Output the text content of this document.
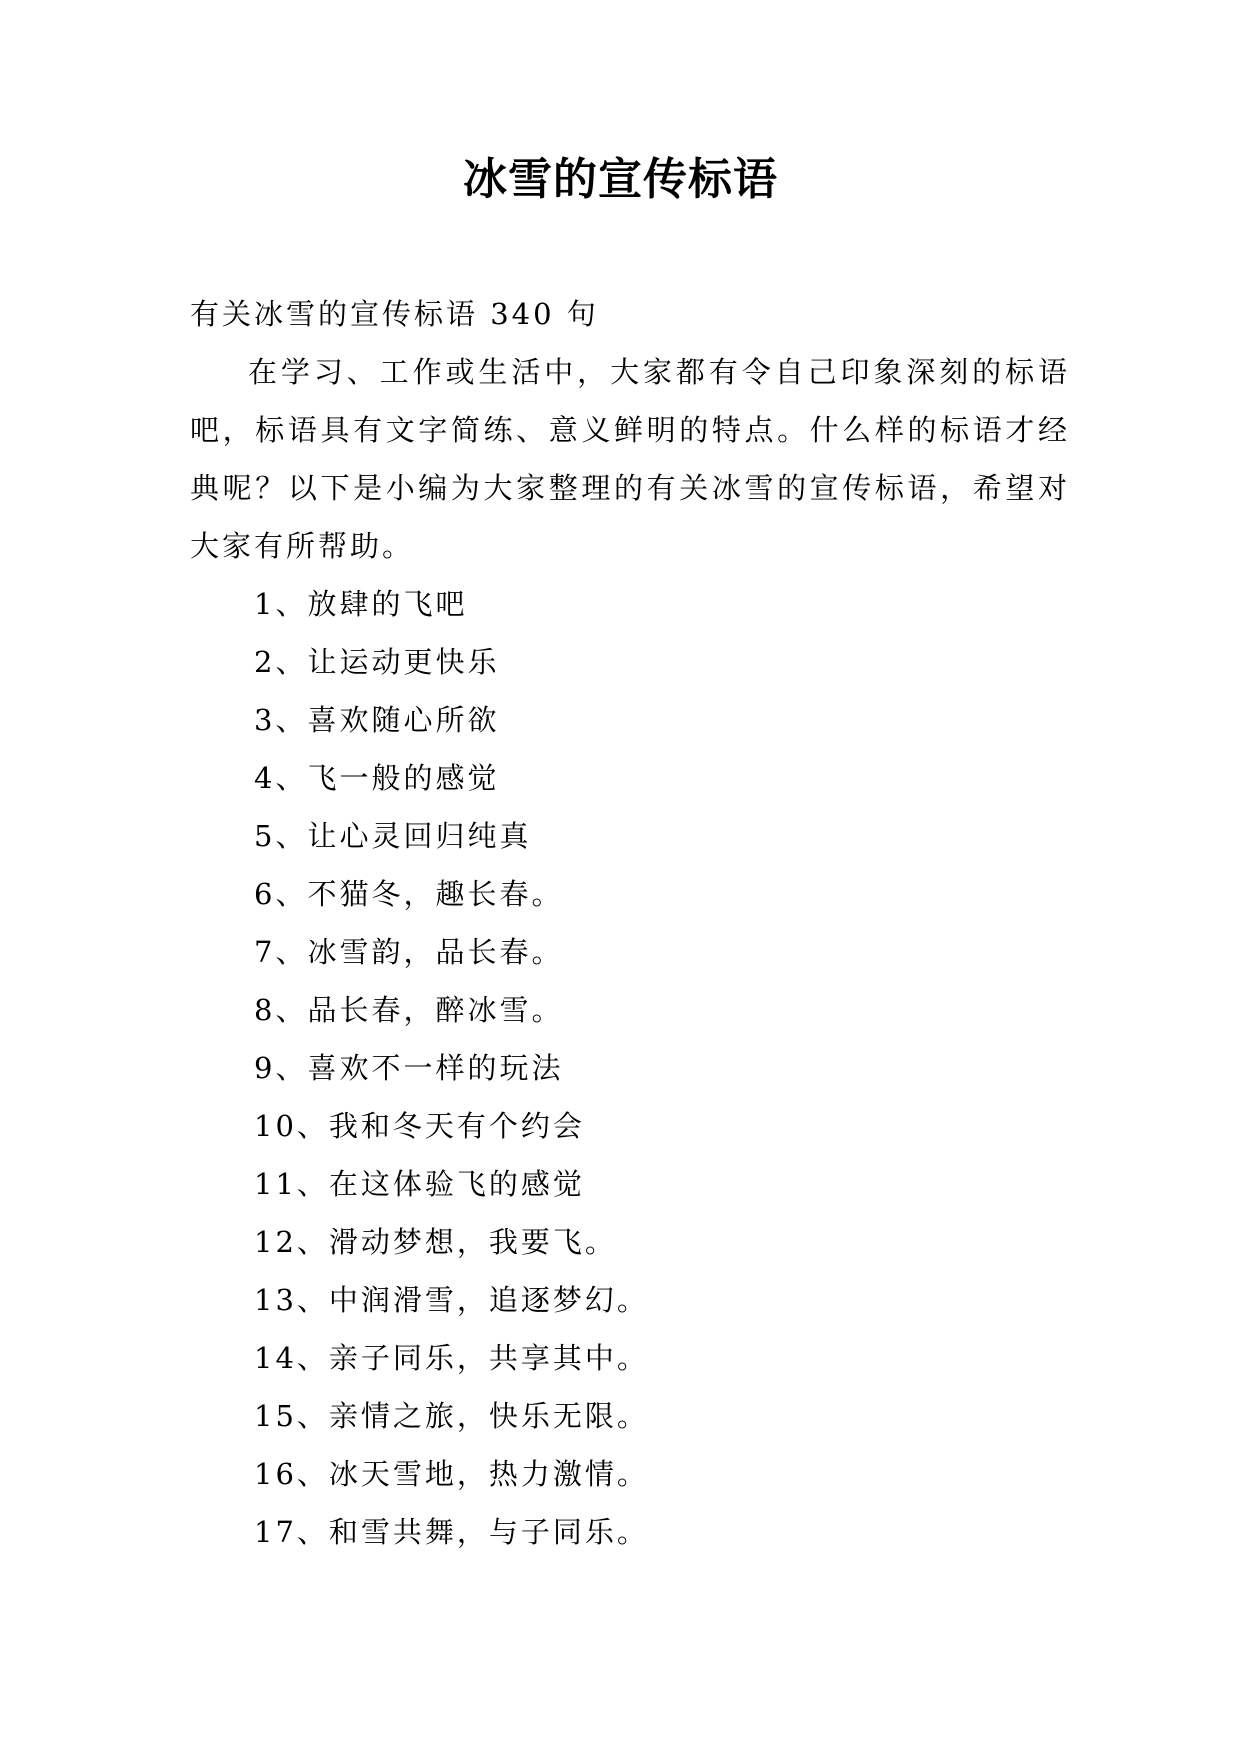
冰雪的宣传标语

有关冰雪的宣传标语 340 句

在学习、工作或生活中，大家都有令自己印象深刻的标语吧，标语具有文字简练、意义鲜明的特点。什么样的标语才经典呢？以下是小编为大家整理的有关冰雪的宣传标语，希望对大家有所帮助。

1、放肆的飞吧
2、让运动更快乐
3、喜欢随心所欲
4、飞一般的感觉
5、让心灵回归纯真
6、不猫冬，趣长春。
7、冰雪韵，品长春。
8、品长春，醉冰雪。
9、喜欢不一样的玩法
10、我和冬天有个约会
11、在这体验飞的感觉
12、滑动梦想，我要飞。
13、中润滑雪，追逐梦幻。
14、亲子同乐，共享其中。
15、亲情之旅，快乐无限。
16、冰天雪地，热力激情。
17、和雪共舞，与子同乐。
